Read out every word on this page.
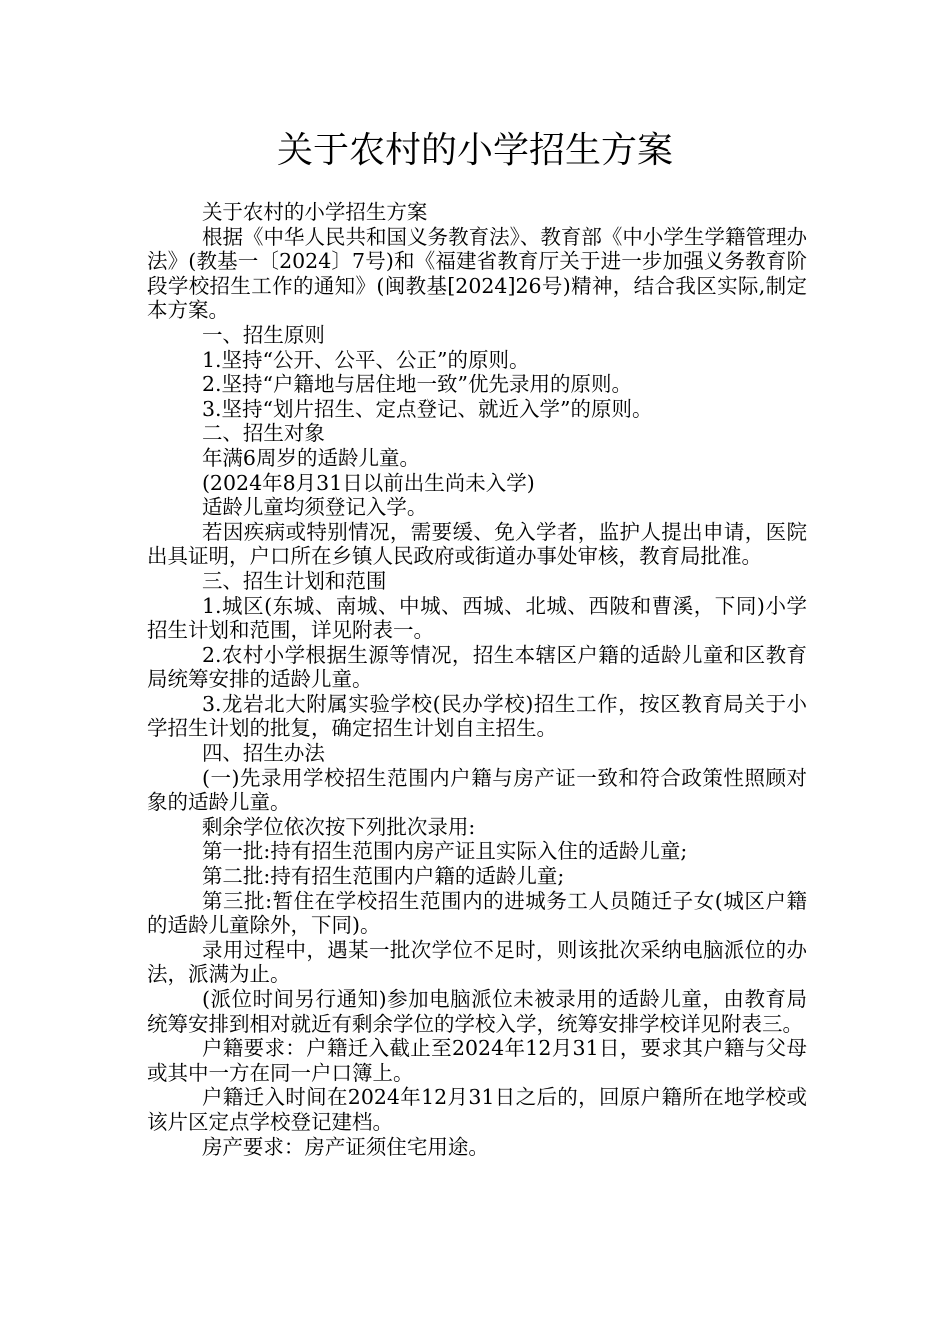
关于农村的小学招生方案

关于农村的小学招生方案

根据《中华人民共和国义务教育法》、教育部《中小学生学籍管理办法》(教基一〔2024〕7号)和《福建省教育厅关于进一步加强义务教育阶段学校招生工作的通知》(闽教基[2024]26号)精神，结合我区实际,制定本方案。

一、招生原则

1.坚持“公开、公平、公正”的原则。

2.坚持“户籍地与居住地一致”优先录用的原则。

3.坚持“划片招生、定点登记、就近入学”的原则。

二、招生对象

年满6周岁的适龄儿童。

(2024年8月31日以前出生尚未入学)

适龄儿童均须登记入学。

若因疾病或特别情况，需要缓、免入学者，监护人提出申请，医院出具证明，户口所在乡镇人民政府或街道办事处审核，教育局批准。

三、招生计划和范围

1.城区(东城、南城、中城、西城、北城、西陂和曹溪，下同)小学招生计划和范围，详见附表一。

2.农村小学根据生源等情况，招生本辖区户籍的适龄儿童和区教育局统筹安排的适龄儿童。

3.龙岩北大附属实验学校(民办学校)招生工作，按区教育局关于小学招生计划的批复，确定招生计划自主招生。

四、招生办法

(一)先录用学校招生范围内户籍与房产证一致和符合政策性照顾对象的适龄儿童。

剩余学位依次按下列批次录用:

第一批:持有招生范围内房产证且实际入住的适龄儿童;

第二批:持有招生范围内户籍的适龄儿童;

第三批:暂住在学校招生范围内的进城务工人员随迁子女(城区户籍的适龄儿童除外，下同)。

录用过程中，遇某一批次学位不足时，则该批次采纳电脑派位的办法，派满为止。

(派位时间另行通知)参加电脑派位未被录用的适龄儿童，由教育局统筹安排到相对就近有剩余学位的学校入学，统筹安排学校详见附表三。

户籍要求：户籍迁入截止至2024年12月31日，要求其户籍与父母或其中一方在同一户口簿上。

户籍迁入时间在2024年12月31日之后的，回原户籍所在地学校或该片区定点学校登记建档。

房产要求：房产证须住宅用途。
